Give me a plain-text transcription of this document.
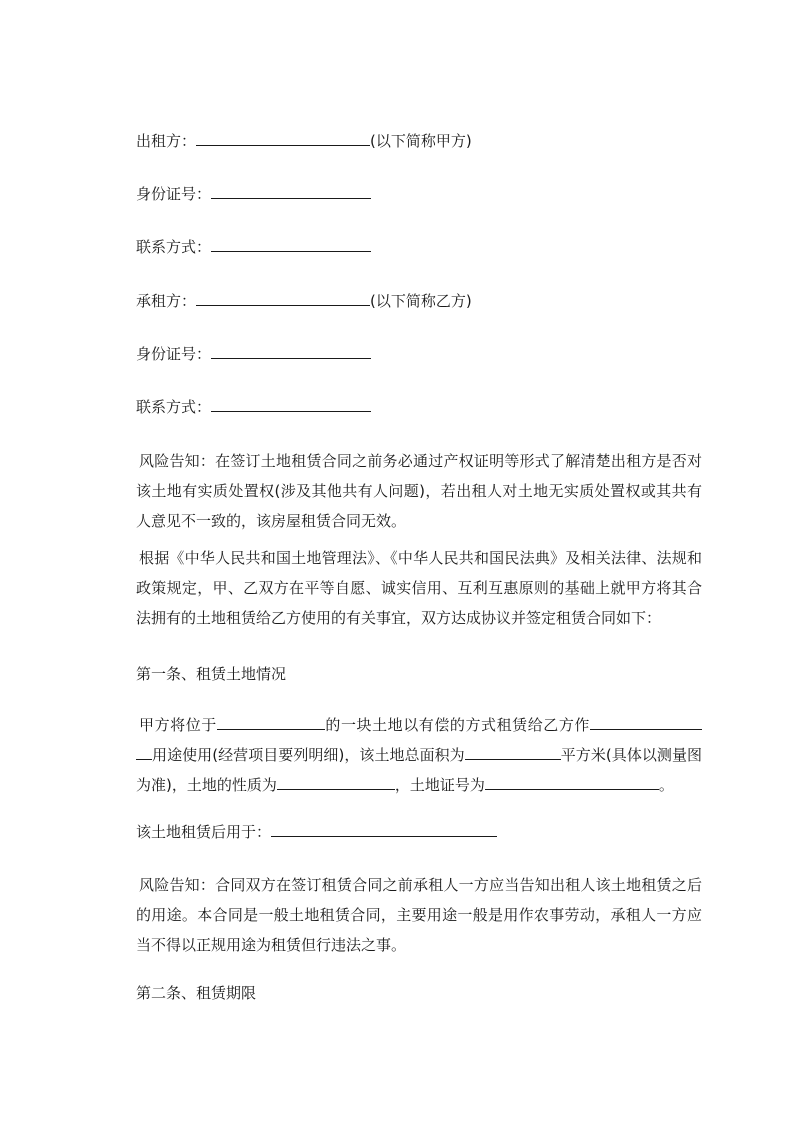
出租方：	(以下简称甲方)
身份证号：
联系方式：
承租方：	(以下简称乙方)
身份证号：
联系方式：
风险告知：在签订土地租赁合同之前务必通过产权证明等形式了解清楚出租方是否对该土地有实质处置权(涉及其他共有人问题)，若出租人对土地无实质处置权或其共有人意见不一致的，该房屋租赁合同无效。
根据《中华人民共和国土地管理法》、《中华人民共和国民法典》及相关法律、法规和政策规定，甲、乙双方在平等自愿、诚实信用、互利互惠原则的基础上就甲方将其合法拥有的土地租赁给乙方使用的有关事宜，双方达成协议并签定租赁合同如下：
第一条、租赁土地情况
甲方将位于	的一块土地以有偿的方式租赁给乙方作用途使用(经营项目要列明细)，该土地总面积为	平方米(具体以测量图为准)，土地的性质为	，土地证号为	。
该土地租赁后用于：
风险告知：合同双方在签订租赁合同之前承租人一方应当告知出租人该土地租赁之后的用途。本合同是一般土地租赁合同，主要用途一般是用作农事劳动，承租人一方应当不得以正规用途为租赁但行违法之事。
第二条、租赁期限
